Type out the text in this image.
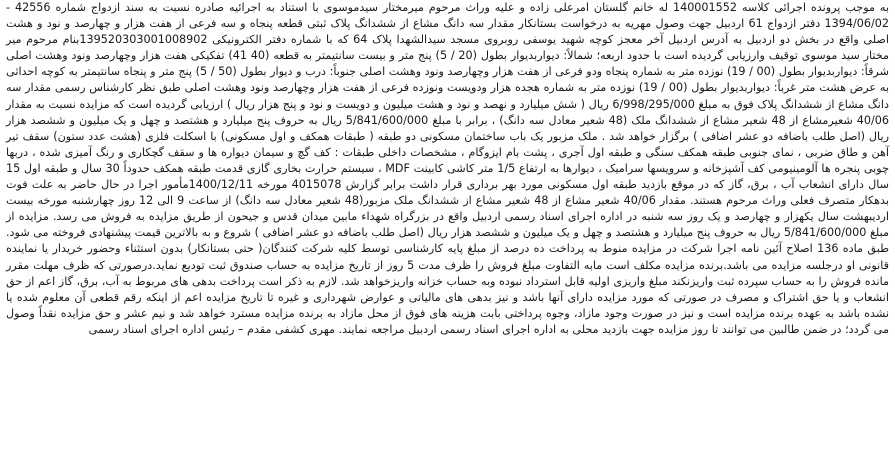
به موجب پرونده اجرائی کلاسه 140001552 له خانم گلستان امرعلی زاده و علیه وراث مرحوم میرمختار سیدموسوی با استناد به اجرائیه صادره نسبت به سند ازدواج شماره 42556 - 1394/06/02 دفتر ازدواج 61 اردبیل جهت وصول مهریه به درخواست بستانکار مقدار سه دانگ مشاع از ششدانگ پلاک ثبتی قطعه پنجاه و سه فرعی از هفت هزار و چهارصد و نود و هشت اصلی واقع در بخش دو اردبیل به آدرس اردبیل آخر معجز کوچه شهید یوسفی روبروی مسجد سیدالشهدا پلاک 64 که با شماره دفتر الکترونیکی 139520303001008902بنام مرحوم میر مختار سید موسوی توقیف وارزیابی گردیده است با حدود اربعه؛ شمالاً: دیواربدیوار بطول (20 / 5) پنج متر و بیست سانتیمتر به قطعه (40 41) تفکیکی هفت هزار وچهارصد ونود وهشت اصلی شرقاً: دیواربدیوار بطول (00 / 19) نوزده متر به شماره پنجاه ودو فرعی از هفت هزار وچهارصد ونود وهشت اصلی جنوباً: درب و دیوار بطول (50 / 5) پنج متر و پنجاه سانتیمتر به کوچه احداثی به عرض هشت متر غرباً: دیواربدیوار بطول (00 / 19) نوزده متر به شماره هجده هزار ودویست ونوزده فرعی از هفت هزار وچهارصد ونود وهشت اصلی طبق نظر کارشناس رسمی مقدار سه دانگ مشاع از ششدانگ پلاک فوق به مبلغ 6/998/295/000 ریال ( شش میلیارد و نهصد و نود و هشت میلیون و دویست و نود و پنج هزار ریال ) ارزیابی گردیده است که مزایده نسبت به مقدار 40/06 شعیرمشاع از 48 شعیر مشاع از ششدانگ ملک (48 شعیر معادل سه دانگ) ، برابر با مبلغ 5/841/600/000 ریال به حروف پنج میلیارد و هشتصد و چهل و یک میلیون و ششصد هزار ریال (اصل طلب باضافه دو عشر اضافی ) برگزار خواهد شد . ملک مزبور یک باب ساختمان مسکونی دو طبقه ( طبقات همکف و اول مسکونی) با اسکلت فلزی (هشت عدد ستون) سقف تیر آهن و طاق ضربی ، نمای جنوبی طبقه همکف سنگی و طبقه اول آجری ، پشت بام ایزوگام ، مشخصات داخلی طبقات : کف گچ و سیمان دیواره ها و سقف گچکاری و رنگ آمیزی شده ، دربها چوبی پنجره ها آلومینیومی کف آشپزخانه و سرویسها سرامیک ، دیوارها به ارتفاع 1/5 متر کاشی کابینت MDF ، سیستم حرارت بخاری گازی قدمت طبقه همکف حدوداً 30 سال و طبقه اول 15 سال دارای انشعاب آب ، برق، گاز که در موقع بازدید طبقه اول مسکونی مورد بهر برداری قرار داشت برابر گزارش 4015078 مورخه 1400/12/11مأمور اجرا در حال حاضر به علت فوت بدهکار متصرف فعلی وراث مرحوم هستند. مقدار 40/06 شعیر مشاع از 48 شعیر مشاع از ششدانگ ملک مزبور(48 شعیر معادل سه دانگ) از ساعت 9 الی 12 روز چهارشنبه مورخه بیست اردیبهشت سال یکهزار و چهارصد و یک روز سه شنبه در اداره اجرای اسناد رسمی اردبیل واقع در بزرگراه شهداء مابین میدان قدس و جیحون از طریق مزایده به فروش می رسد. مزایده از مبلغ 5/841/600/000 ریال به حروف پنج میلیارد و هشتصد و چهل و یک میلیون و ششصد هزار ریال (اصل طلب باضافه دو عشر اضافی ) شروع و به بالاترین قیمت پیشنهادی فروخته می شود. طبق ماده 136 اصلاح آئین نامه اجرا شرکت در مزایده منوط به پرداخت ده درصد از مبلغ پایه کارشناسی توسط کلیه شرکت کنندگان( حتی بستانکار) بدون استثناء وحضور خریدار یا نماینده قانونی او درجلسه مزایده می باشد.برنده مزایده مکلف است مابه التفاوت مبلغ فروش را ظرف مدت 5 روز از تاریخ مزایده به حساب صندوق ثبت تودیع نماید.درصورتی که ظرف مهلت مقرر مانده فروش را به حساب سپرده ثبت واریزنکند مبلغ واریزی اولیه قابل استرداد نبوده وبه حساب خزانه واریزخواهد شد. لازم به ذکر است پرداخت بدهی های مربوط به آب، برق، گاز اعم از حق انشعاب و یا حق اشتراک و مصرف در صورتی که مورد مزایده دارای آنها باشد و نیز بدهی های مالیاتی و عوارض شهرداری و غیره تا تاریخ مزایده اعم از اینکه رقم قطعی آن معلوم شده یا نشده باشد به عهده برنده مزایده است و نیز در صورت وجود مازاد، وجوه پرداختی بابت هزینه های فوق از محل مازاد به برنده مزایده مسترد خواهد شد و نیم عشر و حق مزایده نقداً وصول می گردد؛ در ضمن طالبین می توانند تا روز مزایده جهت بازدید محلی به اداره اجرای اسناد رسمی اردبیل مراجعه نمایند. مهری کشفی مقدم – رئیس اداره اجرای اسناد رسمی
